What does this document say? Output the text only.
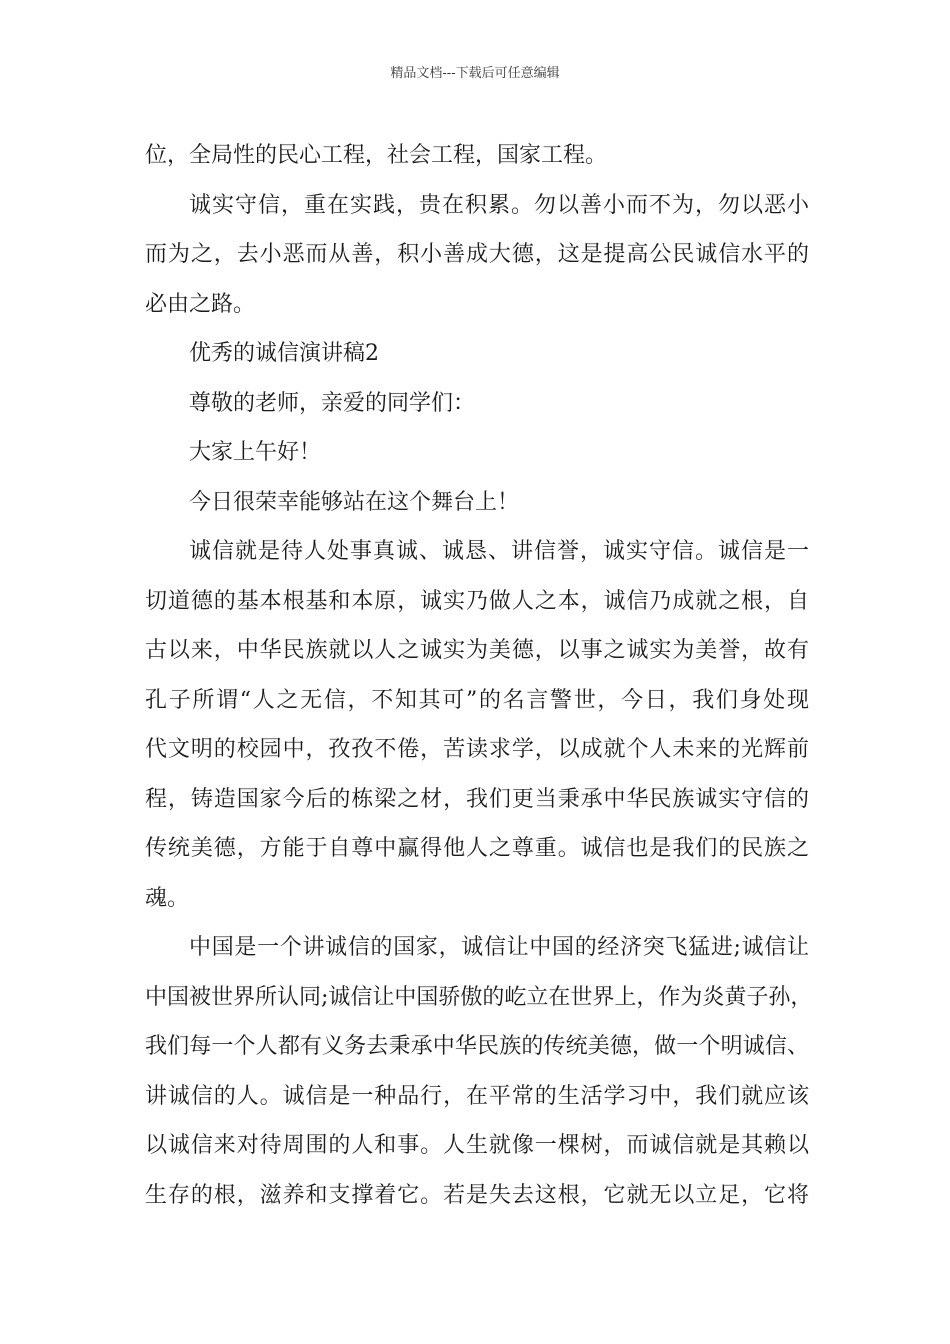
精品文档---下载后可任意编辑
位，全局性的民心工程，社会工程，国家工程。
诚实守信，重在实践，贵在积累。勿以善小而不为，勿以恶小
而为之，去小恶而从善，积小善成大德，这是提高公民诚信水平的
必由之路。
优秀的诚信演讲稿2
尊敬的老师，亲爱的同学们：
大家上午好！
今日很荣幸能够站在这个舞台上！
诚信就是待人处事真诚、诚恳、讲信誉，诚实守信。诚信是一
切道德的基本根基和本原，诚实乃做人之本，诚信乃成就之根，自
古以来，中华民族就以人之诚实为美德，以事之诚实为美誉，故有
孔子所谓“人之无信，不知其可”的名言警世，今日，我们身处现
代文明的校园中，孜孜不倦，苦读求学，以成就个人未来的光辉前
程，铸造国家今后的栋梁之材，我们更当秉承中华民族诚实守信的
传统美德，方能于自尊中赢得他人之尊重。诚信也是我们的民族之
魂。
中国是一个讲诚信的国家，诚信让中国的经济突飞猛进;诚信让
中国被世界所认同;诚信让中国骄傲的屹立在世界上，作为炎黄子孙，
我们每一个人都有义务去秉承中华民族的传统美德，做一个明诚信、
讲诚信的人。诚信是一种品行，在平常的生活学习中，我们就应该
以诚信来对待周围的人和事。人生就像一棵树，而诚信就是其赖以
生存的根，滋养和支撑着它。若是失去这根，它就无以立足，它将
